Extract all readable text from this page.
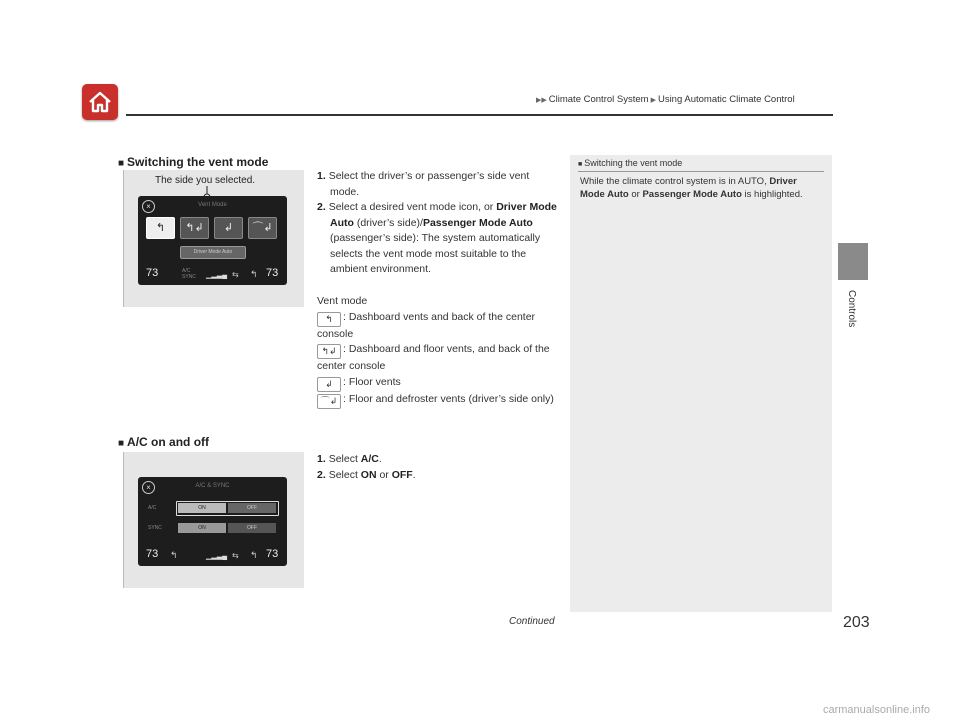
▶▶ Climate Control System ▶ Using Automatic Climate Control
Controls
■ Switching the vent mode
The side you selected.
×	Vent Mode
↰	↰↲	↲	⌒↲
Driver Mode Auto
73	A/C SYNC	▁▂▃▄ ⇆ ↰ 73
1. Select the driver’s or passenger’s side vent mode.
2. Select a desired vent mode icon, or Driver Mode Auto (driver’s side)/Passenger Mode Auto (passenger’s side): The system automatically selects the vent mode most suitable to the ambient environment.
Vent mode
↰ : Dashboard vents and back of the center console
↰↲ : Dashboard and floor vents, and back of the center console
↲ : Floor vents
⌒↲ : Floor and defroster vents (driver’s side only)
■ A/C on and off
×	A/C & SYNC
A/C	ON	OFF
SYNC	ON	OFF
73 ↰	▁▂▃▄ ⇆ ↰ 73
1. Select A/C.
2. Select ON or OFF.
■ Switching the vent mode
While the climate control system is in AUTO, Driver Mode Auto or Passenger Mode Auto is highlighted.
Continued	203
carmanualsonline.info
